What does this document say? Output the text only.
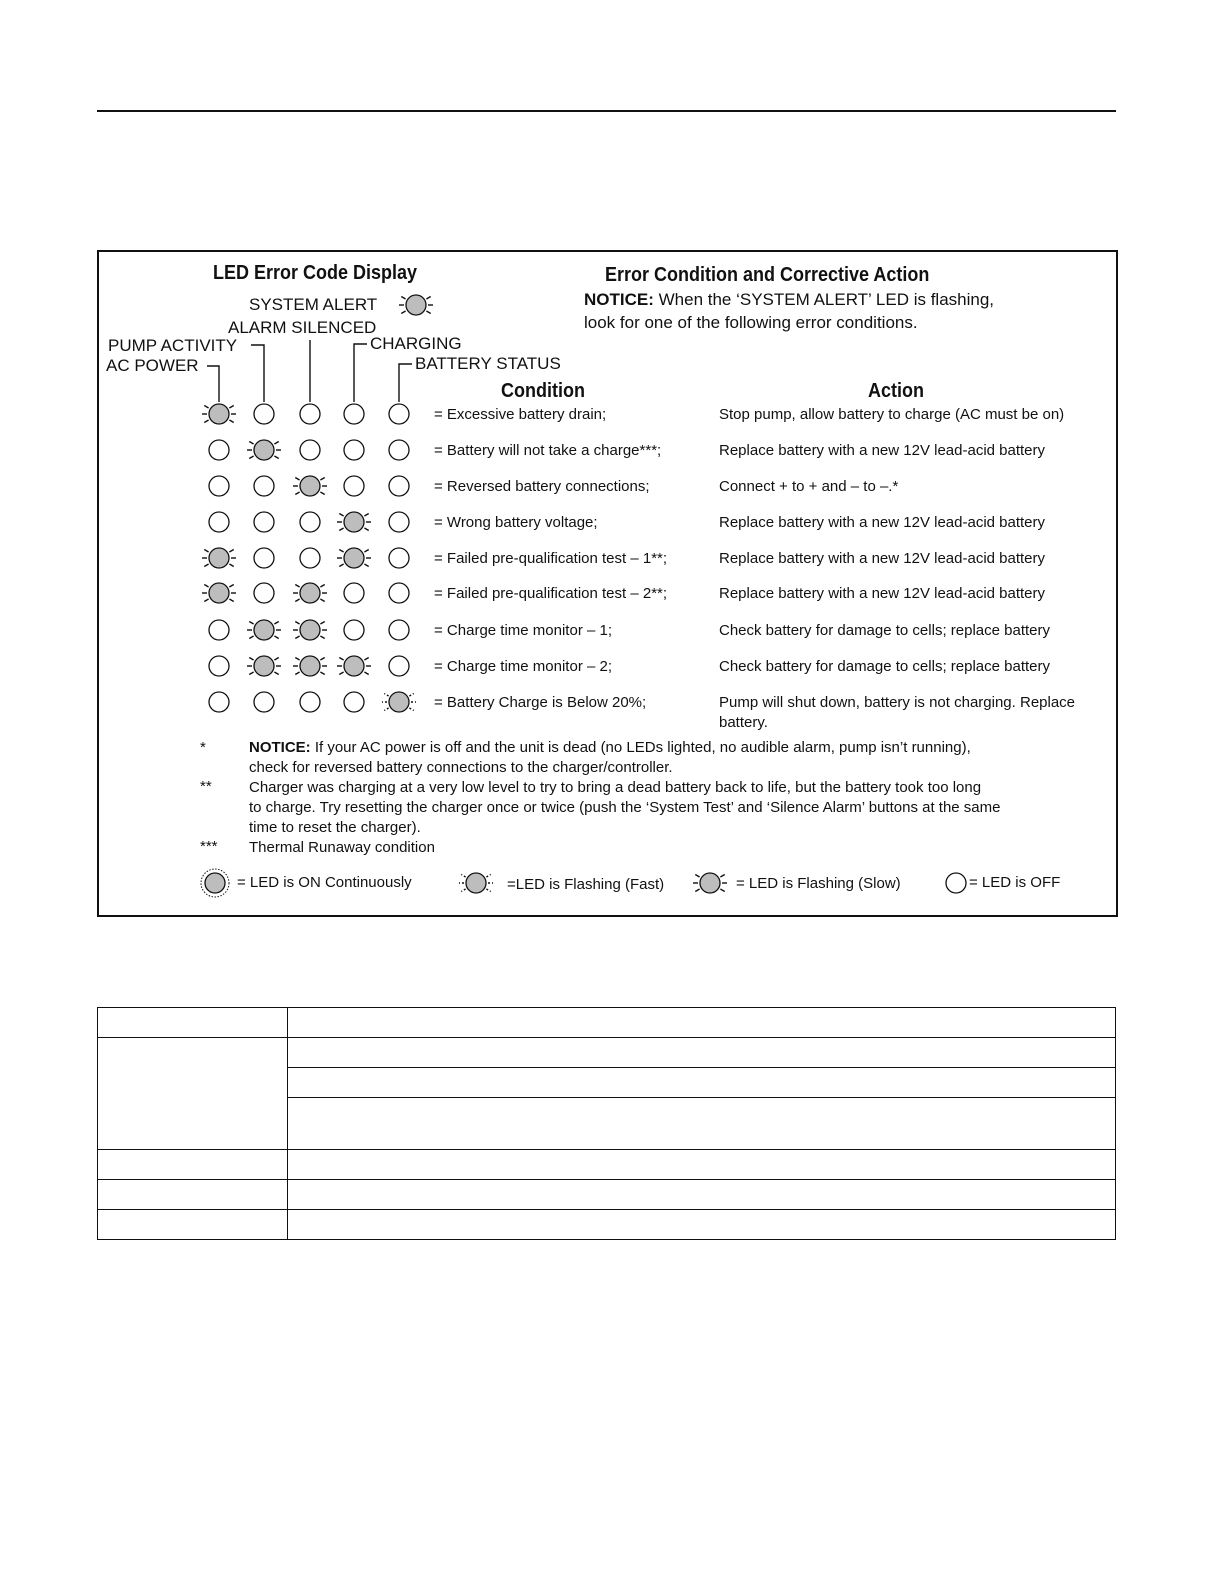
LED Error Code Display	Error Condition and Corrective Action
NOTICE: When the ‘SYSTEM ALERT’ LED is flashing,
look for one of the following error conditions.
SYSTEM ALERT
ALARM SILENCED
PUMP ACTIVITY	CHARGING
AC POWER	BATTERY STATUS
Condition	Action
= Excessive battery drain;	Stop pump, allow battery to charge (AC must be on)
= Battery will not take a charge***;	Replace battery with a new 12V lead-acid battery
= Reversed battery connections;	Connect + to + and – to –.*
= Wrong battery voltage;	Replace battery with a new 12V lead-acid battery
= Failed pre-qualification test – 1**;	Replace battery with a new 12V lead-acid battery
= Failed pre-qualification test – 2**;	Replace battery with a new 12V lead-acid battery
= Charge time monitor – 1;	Check battery for damage to cells; replace battery
= Charge time monitor – 2;	Check battery for damage to cells; replace battery
= Battery Charge is Below 20%;	Pump will shut down, battery is not charging. Replace
battery.
*	NOTICE: If your AC power is off and the unit is dead (no LEDs lighted, no audible alarm, pump isn’t running),
check for reversed battery connections to the charger/controller.
** Charger was charging at a very low level to try to bring a dead battery back to life, but the battery took too long
to charge. Try resetting the charger once or twice (push the ‘System Test’ and ‘Silence Alarm’ buttons at the same
time to reset the charger).
*** Thermal Runaway condition
= LED is ON Continuously	=LED is Flashing (Fast)	= LED is Flashing (Slow)	= LED is OFF
